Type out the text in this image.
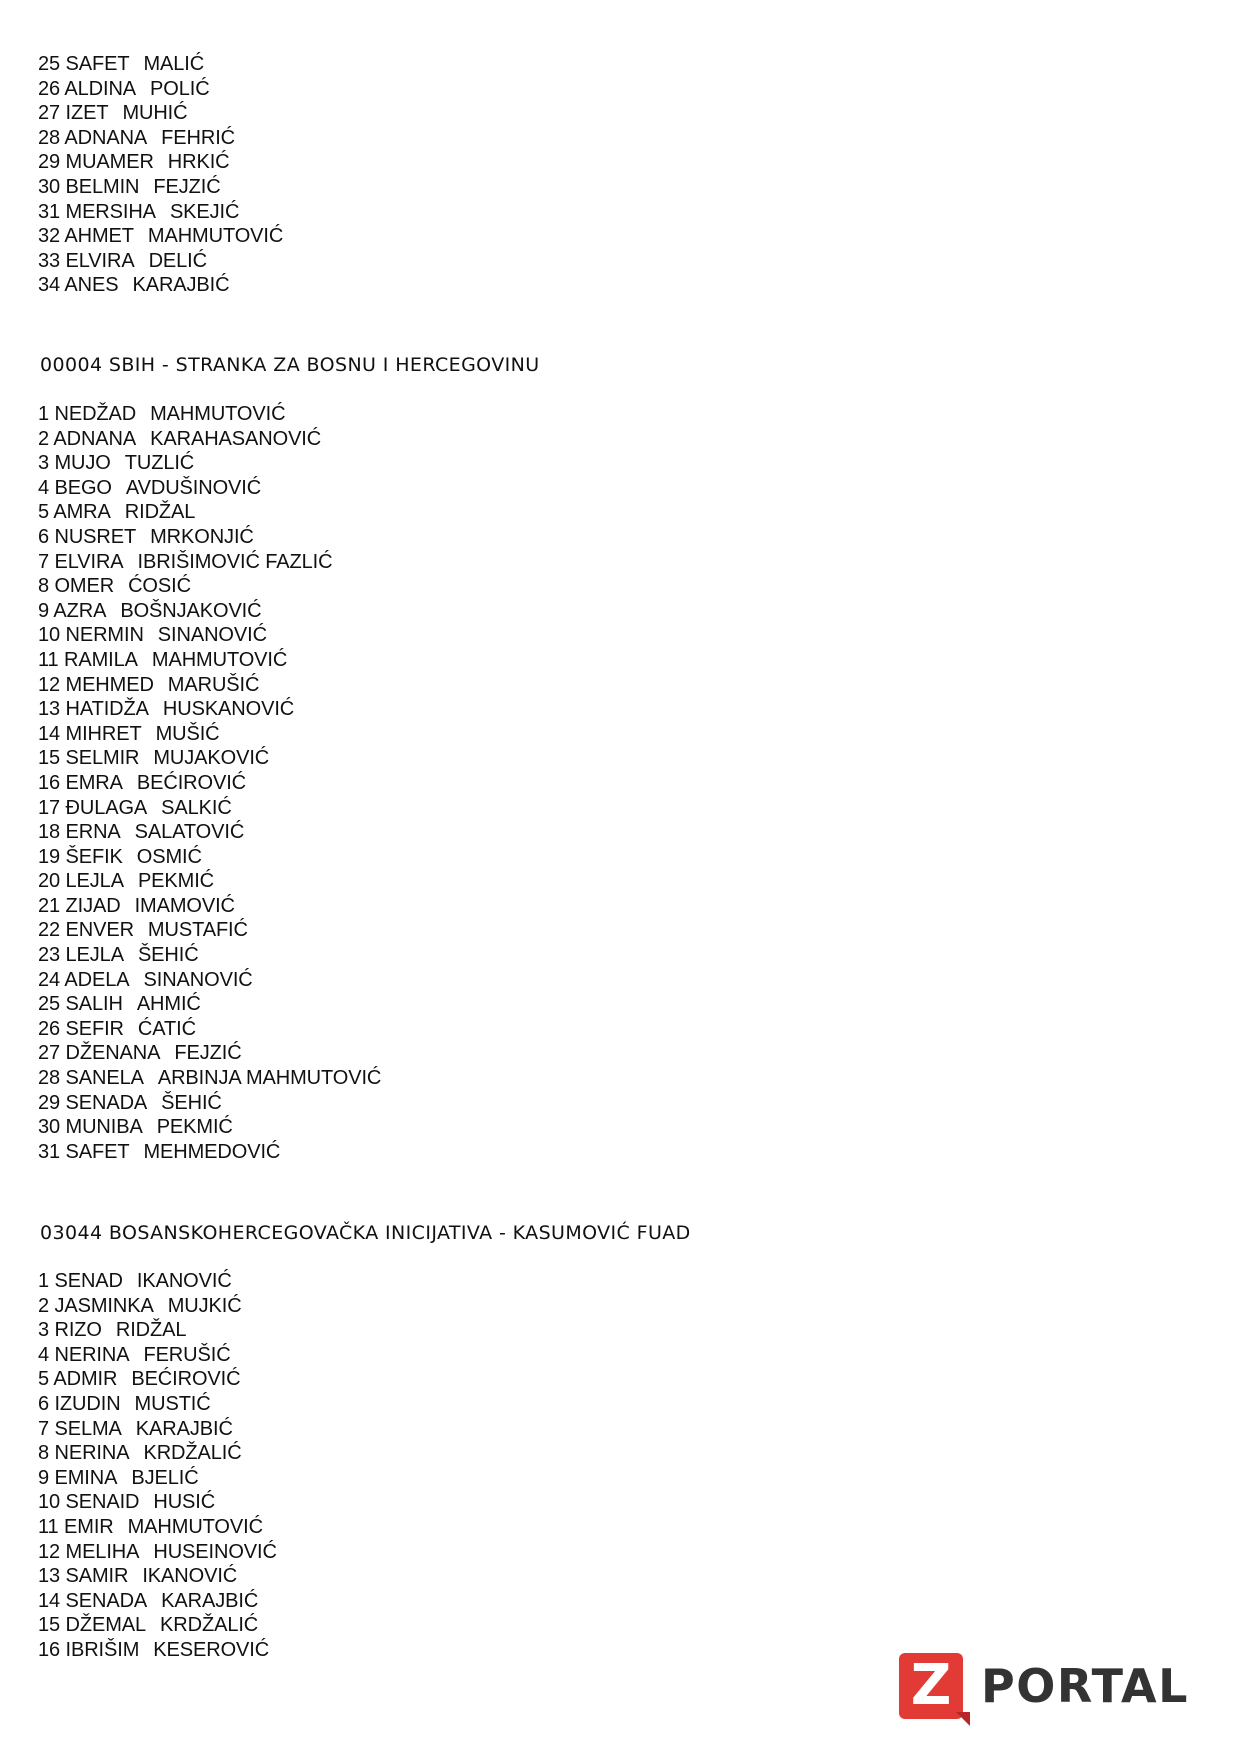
25 SAFET MALIĆ
26 ALDINA POLIĆ
27 IZET MUHIĆ
28 ADNANA FEHRIĆ
29 MUAMER HRKIĆ
30 BELMIN FEJZIĆ
31 MERSIHA SKEJIĆ
32 AHMET MAHMUTOVIĆ
33 ELVIRA DELIĆ
34 ANES KARAJBIĆ
00004 SBIH - STRANKA ZA BOSNU I HERCEGOVINU
1 NEDŽAD MAHMUTOVIĆ
2 ADNANA KARAHASANOVIĆ
3 MUJO TUZLIĆ
4 BEGO AVDUŠINOVIĆ
5 AMRA RIDŽAL
6 NUSRET MRKONJIĆ
7 ELVIRA IBRIŠIMOVIĆ FAZLIĆ
8 OMER ĆOSIĆ
9 AZRA BOŠNJAKOVIĆ
10 NERMIN SINANOVIĆ
11 RAMILA MAHMUTOVIĆ
12 MEHMED MARUŠIĆ
13 HATIDŽA HUSKANOVIĆ
14 MIHRET MUŠIĆ
15 SELMIR MUJAKOVIĆ
16 EMRA BEĆIROVIĆ
17 ĐULAGA SALKIĆ
18 ERNA SALATOVIĆ
19 ŠEFIK OSMIĆ
20 LEJLA PEKMIĆ
21 ZIJAD IMAMOVIĆ
22 ENVER MUSTAFIĆ
23 LEJLA ŠEHIĆ
24 ADELA SINANOVIĆ
25 SALIH AHMIĆ
26 SEFIR ĆATIĆ
27 DŽENANA FEJZIĆ
28 SANELA ARBINJA MAHMUTOVIĆ
29 SENADA ŠEHIĆ
30 MUNIBA PEKMIĆ
31 SAFET MEHMEDOVIĆ
03044 BOSANSKOHERCEGOVAČKA INICIJATIVA - KASUMOVIĆ FUAD
1 SENAD IKANOVIĆ
2 JASMINKA MUJKIĆ
3 RIZO RIDŽAL
4 NERINA FERUŠIĆ
5 ADMIR BEĆIROVIĆ
6 IZUDIN MUSTIĆ
7 SELMA KARAJBIĆ
8 NERINA KRDŽALIĆ
9 EMINA BJELIĆ
10 SENAID HUSIĆ
11 EMIR MAHMUTOVIĆ
12 MELIHA HUSEINOVIĆ
13 SAMIR IKANOVIĆ
14 SENADA KARAJBIĆ
15 DŽEMAL KRDŽALIĆ
16 IBRIŠIM KESEROVIĆ
Z PORTAL
